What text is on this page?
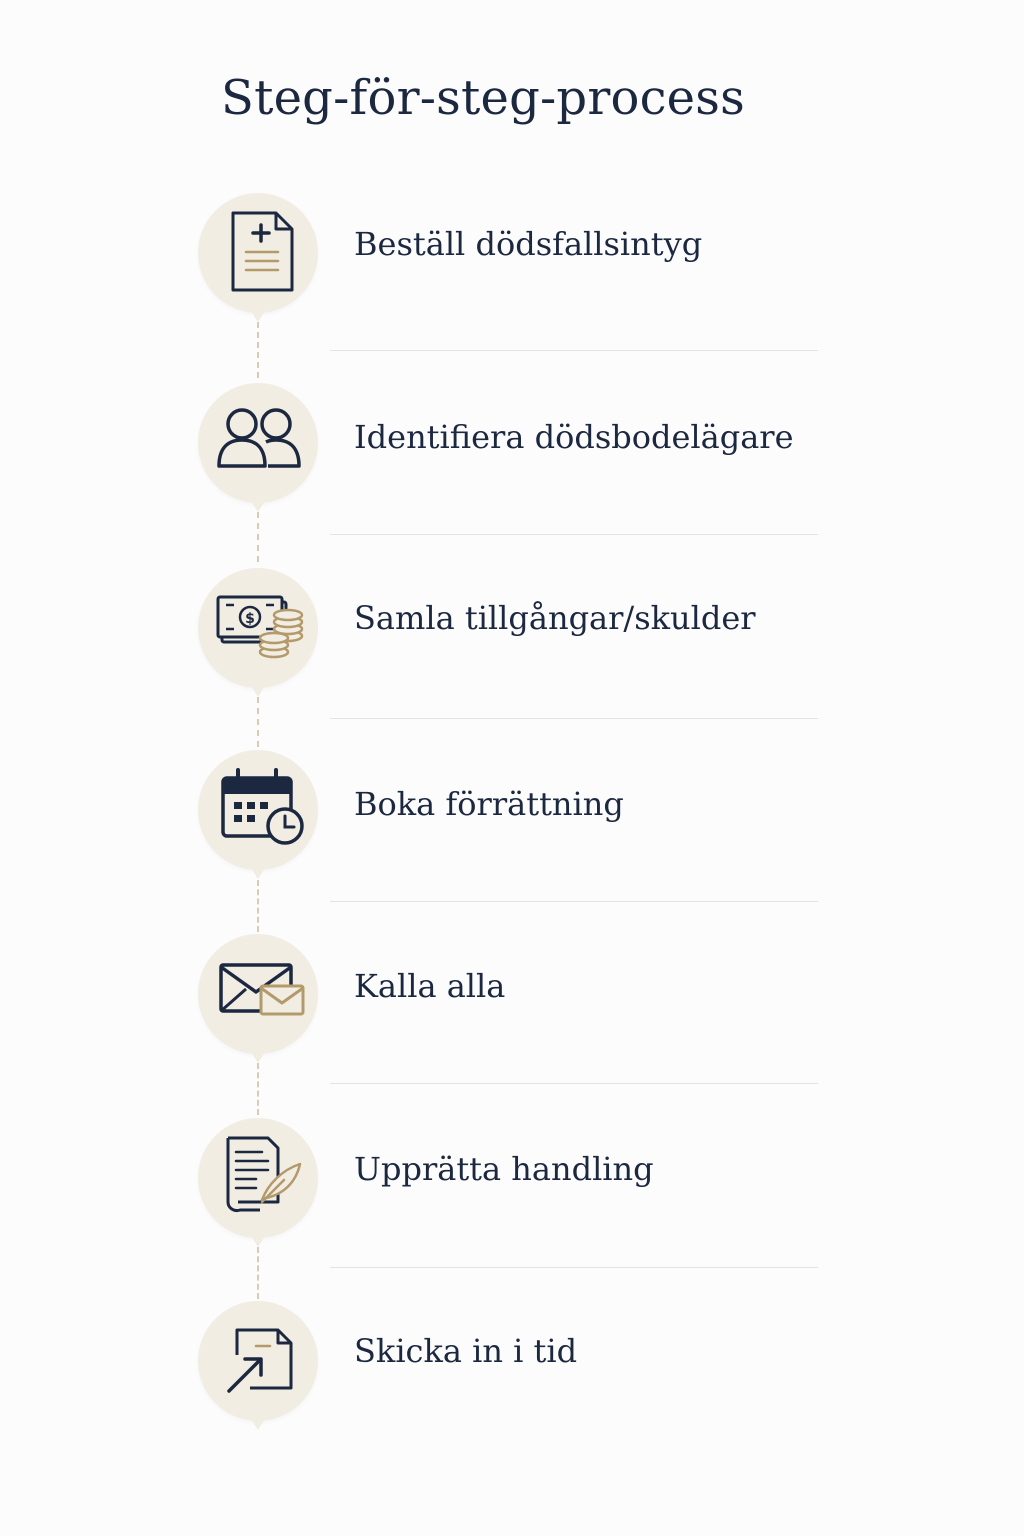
Steg-för-steg-process
Beställ dödsfallsintyg
Identifiera dödsbodelägare
$	Samla tillgångar/skulder
Boka förrättning
Kalla alla
Upprätta handling
Skicka in i tid
